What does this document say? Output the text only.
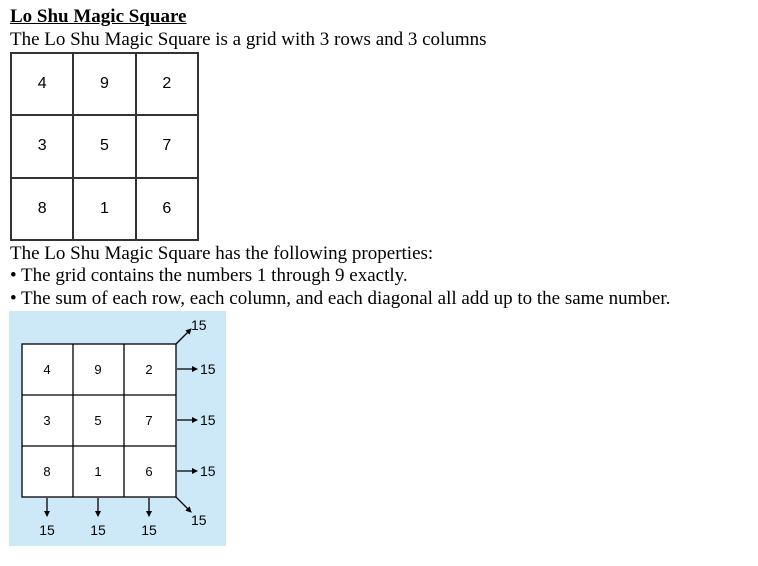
Lo Shu Magic Square
The Lo Shu Magic Square is a grid with 3 rows and 3 columns
4	9	2
3	5	7
8	1	6
The Lo Shu Magic Square has the following properties:
• The grid contains the numbers 1 through 9 exactly.
• The sum of each row, each column, and each diagonal all add up to the same number.
4	9	2
3	5	7
8	1	6
15
15
15
15
15
15	15	15
